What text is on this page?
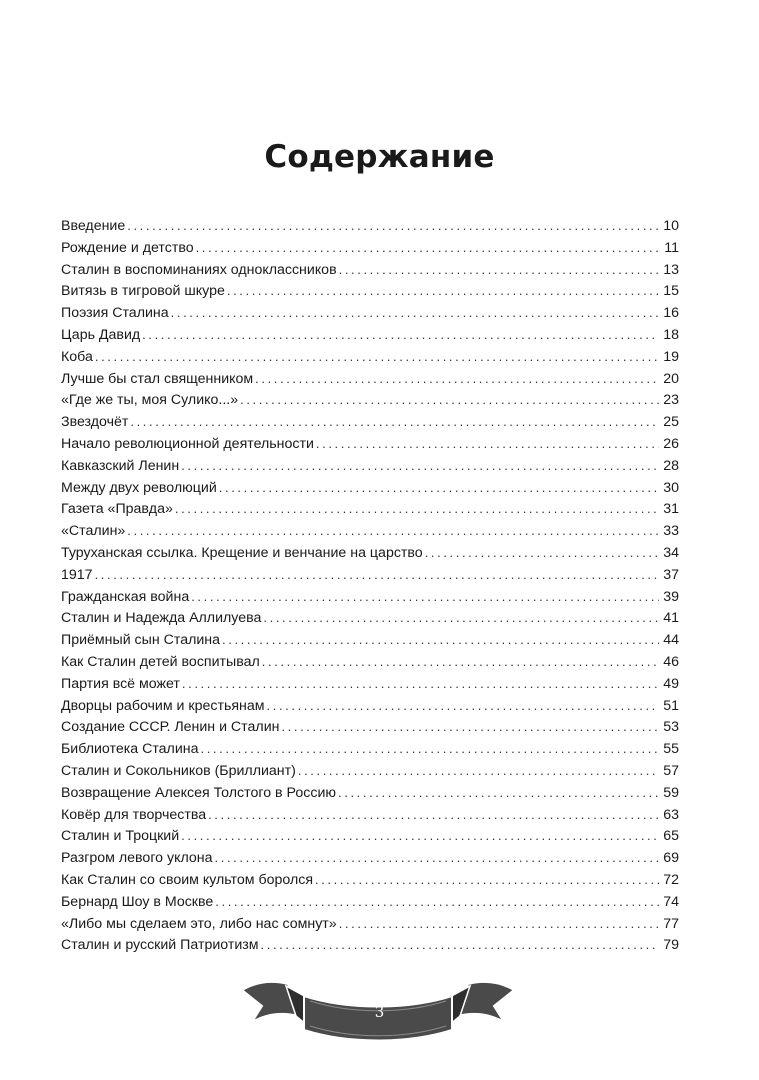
Содержание
Введение .....	10
Рождение и детство .....	11
Сталин в воспоминаниях одноклассников .....	13
Витязь в тигровой шкуре .....	15
Поэзия Сталина .....	16
Царь Давид .....	18
Коба .....	19
Лучше бы стал священником .....	20
«Где же ты, моя Сулико...» .....	23
Звездочёт .....	25
Начало революционной деятельности .....	26
Кавказский Ленин .....	28
Между двух революций .....	30
Газета «Правда» .....	31
«Сталин» .....	33
Туруханская ссылка. Крещение и венчание на царство .....	34
1917 .....	37
Гражданская война .....	39
Сталин и Надежда Аллилуева .....	41
Приёмный сын Сталина .....	44
Как Сталин детей воспитывал .....	46
Партия всё может .....	49
Дворцы рабочим и крестьянам .....	51
Создание СССР. Ленин и Сталин .....	53
Библиотека Сталина .....	55
Сталин и Сокольников (Бриллиант) .....	57
Возвращение Алексея Толстого в Россию .....	59
Ковёр для творчества .....	63
Сталин и Троцкий .....	65
Разгром левого уклона .....	69
Как Сталин со своим культом боролся .....	72
Бернард Шоу в Москве .....	74
«Либо мы сделаем это, либо нас сомнут» .....	77
Сталин и русский Патриотизм .....	79
3
